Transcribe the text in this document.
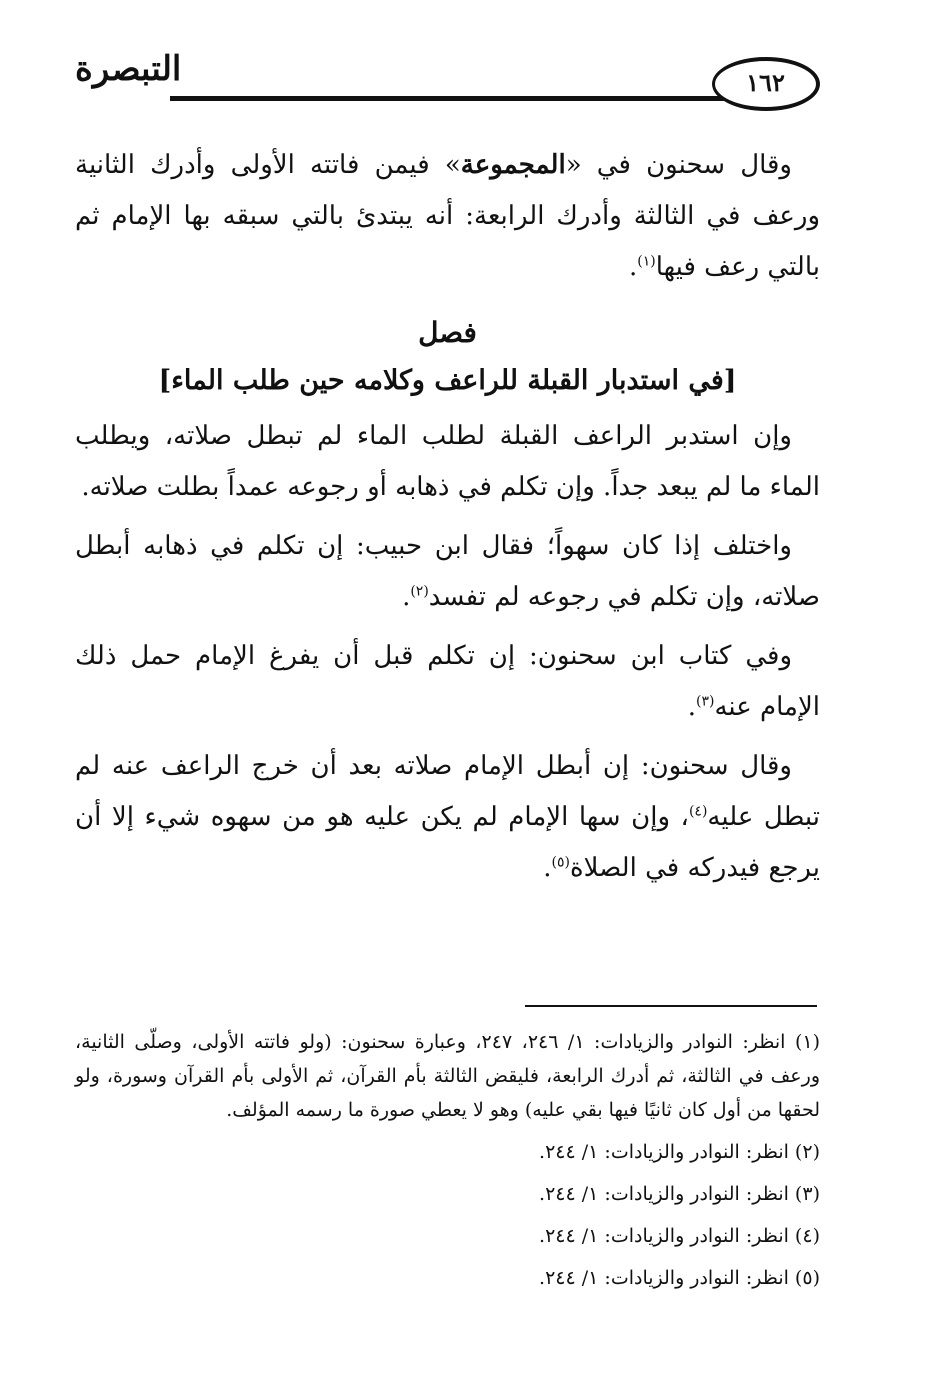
التبصرة	١٦٢

وقال سحنون في «المجموعة» فيمن فاتته الأولى وأدرك الثانية ورعف في الثالثة وأدرك الرابعة: أنه يبتدئ بالتي سبقه بها الإمام ثم بالتي رعف فيها$^{(١)}$.

فصل
[في استدبار القبلة للراعف وكلامه حين طلب الماء]

وإن استدبر الراعف القبلة لطلب الماء لم تبطل صلاته، ويطلب الماء ما لم يبعد جداً. وإن تكلم في ذهابه أو رجوعه عمداً بطلت صلاته.

واختلف إذا كان سهواً؛ فقال ابن حبيب: إن تكلم في ذهابه أبطل صلاته، وإن تكلم في رجوعه لم تفسد$^{(٢)}$.

وفي كتاب ابن سحنون: إن تكلم قبل أن يفرغ الإمام حمل ذلك الإمام عنه$^{(٣)}$.

وقال سحنون: إن أبطل الإمام صلاته بعد أن خرج الراعف عنه لم تبطل عليه$^{(٤)}$، وإن سها الإمام لم يكن عليه هو من سهوه شيء إلا أن يرجع فيدركه في الصلاة$^{(٥)}$.

(١) انظر: النوادر والزيادات: ١/ ٢٤٦، ٢٤٧، وعبارة سحنون: (ولو فاتته الأولى، وصلّى الثانية، ورعف في الثالثة، ثم أدرك الرابعة، فليقض الثالثة بأم القرآن، ثم الأولى بأم القرآن وسورة، ولو لحقها من أول كان ثانيًا فيها بقي عليه) وهو لا يعطي صورة ما رسمه المؤلف.
(٢) انظر: النوادر والزيادات: ١/ ٢٤٤.
(٣) انظر: النوادر والزيادات: ١/ ٢٤٤.
(٤) انظر: النوادر والزيادات: ١/ ٢٤٤.
(٥) انظر: النوادر والزيادات: ١/ ٢٤٤.
